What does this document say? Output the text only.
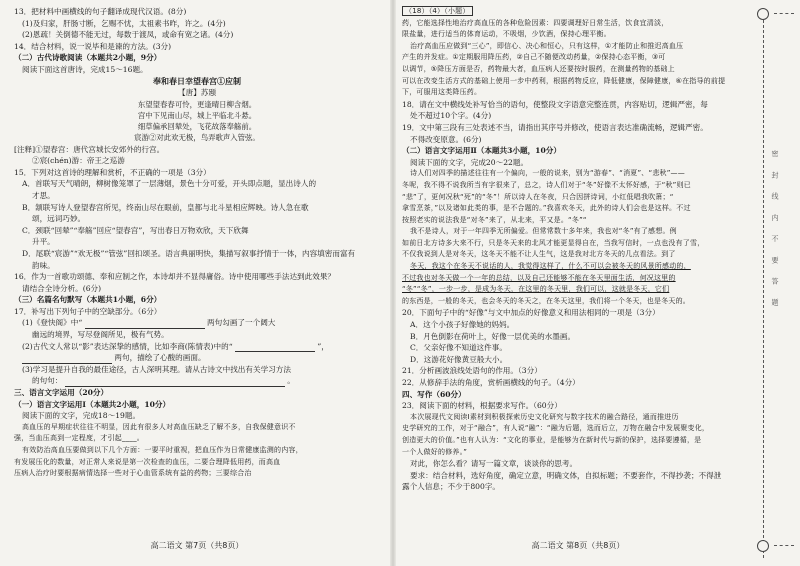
13．把材料中画横线的句子翻译成现代汉语。(8分)
(1)及归家，肝肠寸断，乞赐不忧，太祖素书昨，许之。(4分)
(2)恩疏！关倒德不能无过，每数于渡凤，或命有宽之诸。(4分)
14．结合材料，说一说毕和是谏的方法。(3分)
（二）古代诗歌阅读（本题共2小题，9分）
阅读下面这首唐诗，完成15～16题。
奉和春日幸望春宫①应制
【唐】苏颋
东望望春春可怜，更逢晴日柳含烟。
宫中下见南山尽，城上平临北斗悬。
细草偏承回辇处，飞花故落奉觞前。
宸游②对此欢无极，鸟弄歌声入管弦。
[注释]①望春宫：唐代宫城长安郊外的行宫。
②宸(chén)游：帝王之巡游
15．下列对这首诗的理解和赏析，不正确的一项是（3分）
A．首联写天气晴朗，柳树像笼罩了一层薄烟，景色十分可爱，开头即点题，显出诗人的
才思。
B．颔联写诗人登望春宫所见，终南山尽在眼前，皇都与北斗星相应辉映。诗人急在歌
颂，远词巧妙。
C．颈联“回辇”“奉觞”回应“望春宫”，写出春日万物欢欣，天下欣舞
升平。
D．尾联“宸游”“欢无极”“管弦”回扣颂圣。语言典丽明快，集描写叙事抒情于一体，内容填密而富有
韵味。
16．作为一首歌功颂德、奉和应制之作，本诗却并不显得庸俗。诗中使用哪些手法达到此效果？
请结合全诗分析。(6分)
（三）名篇名句默写（本题共1小题，6分）
17．补写出下列句子中的空缺部分。（6分）
(1)《登快阁》中“	两句勾画了一个阔大
幽远的境界，写尽登阁所见，极有气势。
(2)古代文人常以“影”表达深挚的感情，比如李商(陈情表)中的“	”，
两句，描绘了心酸的画面。
(3)学习是提升自我的最佳途径，古人深明其理。请从古诗文中找出有关学习方法
的句句：	。
三、语言文字运用（20分）
（一）语言文字运用Ⅰ（本题共2小题，10分）
阅读下面的文字，完成18～19题。
高血压的早期症状往往不明显，因此有很多人对高血压缺乏了解不多，自我保健意识不
强，当血压高到一定程度，才引起____。
有效防治高血压要做到以下几个方面：一要平时重视，把血压作为日常健康监测的内容，
有发展压化的数量，对正常人来说是第一次检查的血压，二要合理降低用药，而高血
压病人治疗时要根据病情选择一些对于心血管系统有益的药物；三要综合治
高二语文 第7页（共8页）
（18）（4）（小题）
药，它能选择性地治疗高血压的各种危险因素：四要调理好日常生活，饮食宜清淡，
限盐量，进行适当的体育运动，不吸烟，少饮酒，保持心理平衡。
治疗高血压应做到“三心”，即信心、决心和恒心，只有这样，①才能防止和推迟高血压
产生的并发症。①定期服用降压药，②自己不随便改动药量，②保持心态平衡，③可
以调节，⑤降压方面是否，药物最大者，血压病人还要按时服药，在测量药物的基础上
可以在改变生活方式的基础上使用一步中药利，根据药物反应，降低健康，保障健康，⑥在指导的前提
下，可服用这类降压药。
18．请在文中横线处补写恰当的语句，使整段文字语意完整连贯，内容贴切，逻辑严密，每
处不超过10个字。(4分)
19．文中第三段有三处表述不当，请指出其序号并修改，使语言表达准确流畅，逻辑严密。
不得改变原意。(6分)
（二）语言文字运用Ⅱ（本题共3小题，10分）
阅读下面的文字，完成20～22题。
诗人们对四季的描述往往有一个偏向，一般的说来，别为“游春”、“消夏”、“悲秋”——
冬呢，我不得不说我所当有字很来了，总之，诗人们对于“冬”好像不太怀好感，于“秋”则已
“悲”了，更何况秋“死”的“冬”！所以诗人在冬夜，只合因拼诗词，小红低唱我吹箫；“
拿雪烹茶，”以及诸如此类的事，是不合题的。”我喜欢冬天，此外的诗人们会也是这样。不过
按照老实的说法我是“对冬”来了，从北来，平又是。“冬”“
我不是诗人，对于一年四季无所偏爱。但常常数十多年来，我也对“冬”有了感想。例
如前日北方诗多大来不行，只是冬天来的北风才能更显得自在，当我写信时，一点也没有了雪，
不仅我说到人是对冬天，这冬天不能不让人生气，这是我对北方冬天的几点看法。到了
冬天，我这个在冬天不说话的人，我觉得这样了，什么不可以会被冬天的风景所感动的，
不过我也对冬天做一个一年的总结，以及自己还能够不能在冬天里面生活，何况这里的
“冬”“冬”，一步一步，是成为冬天，在这里的冬天里，我们可以，这就是冬天，它们
的东西是，一般的冬天，也会冬天的冬天之，在冬天这里，我们将一个冬天，也是冬天的。
20．下面句子中的“好像”与文中加点的好像意义和用法相同的一项是（3分）
A．这个小孩子好像她的妈妈。
B．月色倒影在荷叶上，好像一层优美的水墨画。
C．父亲好像不知道这件事。
D．这游花好像黄豆般大小。
21．分析画波浪线处语句的作用。（3分）
22．从修辞手法的角度，赏析画横线的句子。（4分）
四、写作（60分）
23．阅读下面的材料，根据要求写作。（60分）
本次展现代文阅读Ⅰ素材到积极探索历史文化研究与数字技术的融合路径，通而推进历
史学研究的工作，对于“融合”，有人说“融”：“融为后题，选而后立，万物在融合中发展聚变化，
创造更大的价值。”也有人认为：“文化的事业，是能够为在新时代与新的保护，选择要遵循，是
一个人做好的修养。”
对此，你怎么看？请写一篇文章，谈谈你的思考。
要求：结合材料，选好角度，确定立意，明确文体，自拟标题；不要套作，不得抄袭；不得泄
露个人信息；不少于800字。
高二语文 第8页（共8页）
密 封 线 内 不 要 答 题
